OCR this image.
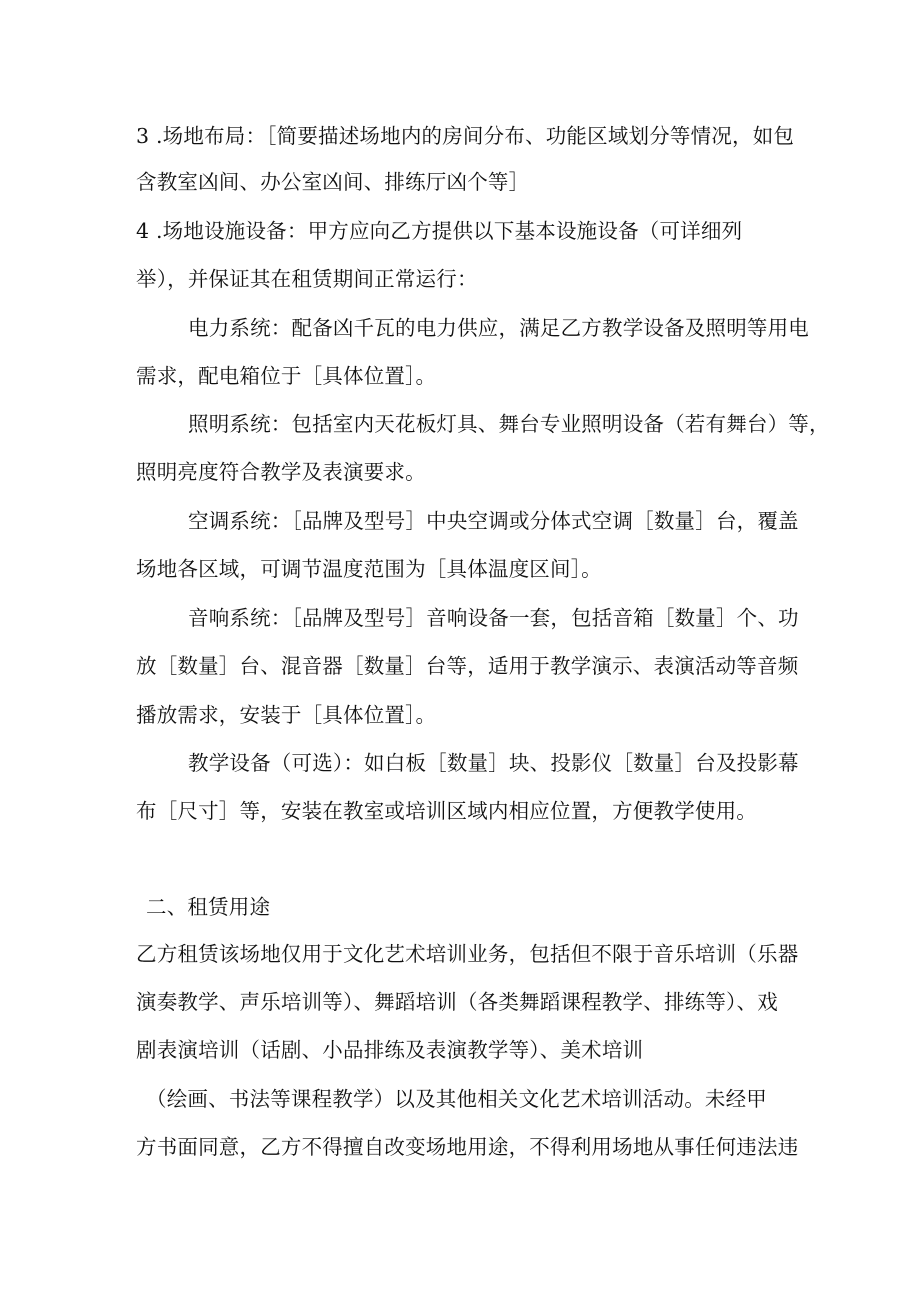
3 .场地布局：［简要描述场地内的房间分布、功能区域划分等情况，如包
含教室凶间、办公室凶间、排练厅凶个等］
4 .场地设施设备：甲方应向乙方提供以下基本设施设备（可详细列
举），并保证其在租赁期间正常运行：
电力系统：配备凶千瓦的电力供应，满足乙方教学设备及照明等用电
需求，配电箱位于［具体位置］。
照明系统：包括室内天花板灯具、舞台专业照明设备（若有舞台）等，
照明亮度符合教学及表演要求。
空调系统：［品牌及型号］中央空调或分体式空调［数量］台，覆盖
场地各区域，可调节温度范围为［具体温度区间］。
音响系统：［品牌及型号］音响设备一套，包括音箱［数量］个、功
放［数量］台、混音器［数量］台等，适用于教学演示、表演活动等音频
播放需求，安装于［具体位置］。
教学设备（可选）：如白板［数量］块、投影仪［数量］台及投影幕
布［尺寸］等，安装在教室或培训区域内相应位置，方便教学使用。
二、租赁用途
乙方租赁该场地仅用于文化艺术培训业务，包括但不限于音乐培训（乐器
演奏教学、声乐培训等）、舞蹈培训（各类舞蹈课程教学、排练等）、戏
剧表演培训（话剧、小品排练及表演教学等）、美术培训
（绘画、书法等课程教学）以及其他相关文化艺术培训活动。未经甲
方书面同意，乙方不得擅自改变场地用途，不得利用场地从事任何违法违
